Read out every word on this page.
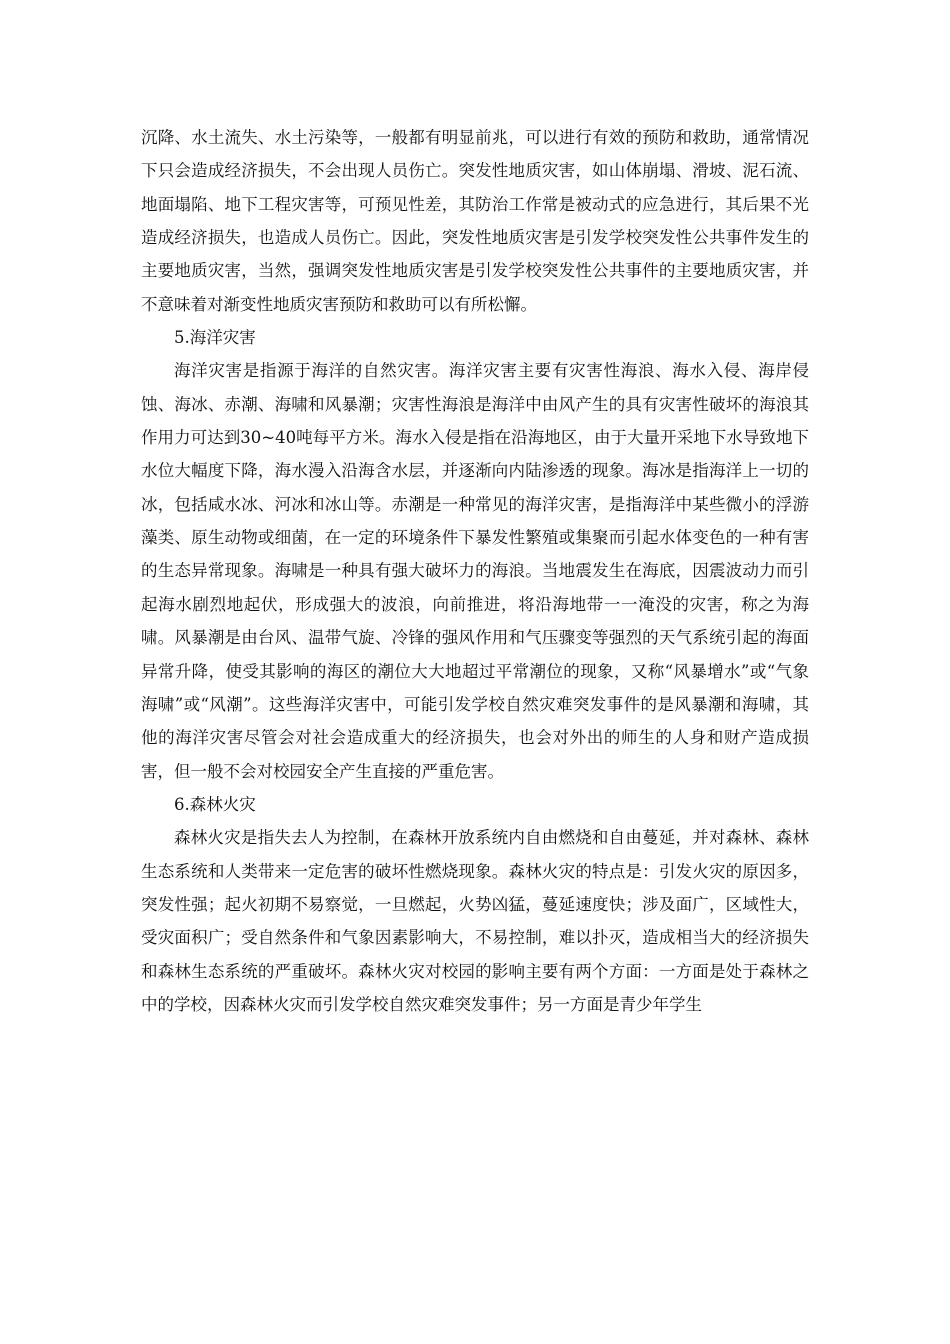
沉降、水土流失、水土污染等，一般都有明显前兆，可以进行有效的预防和救助，通常情况下只会造成经济损失，不会出现人员伤亡。突发性地质灾害，如山体崩塌、滑坡、泥石流、地面塌陷、地下工程灾害等，可预见性差，其防治工作常是被动式的应急进行，其后果不光造成经济损失，也造成人员伤亡。因此，突发性地质灾害是引发学校突发性公共事件发生的主要地质灾害，当然，强调突发性地质灾害是引发学校突发性公共事件的主要地质灾害，并不意味着对渐变性地质灾害预防和救助可以有所松懈。

5.海洋灾害

海洋灾害是指源于海洋的自然灾害。海洋灾害主要有灾害性海浪、海水入侵、海岸侵蚀、海冰、赤潮、海啸和风暴潮；灾害性海浪是海洋中由风产生的具有灾害性破坏的海浪其作用力可达到30~40吨每平方米。海水入侵是指在沿海地区，由于大量开采地下水导致地下水位大幅度下降，海水漫入沿海含水层，并逐渐向内陆渗透的现象。海冰是指海洋上一切的冰，包括咸水冰、河冰和冰山等。赤潮是一种常见的海洋灾害，是指海洋中某些微小的浮游藻类、原生动物或细菌，在一定的环境条件下暴发性繁殖或集聚而引起水体变色的一种有害的生态异常现象。海啸是一种具有强大破坏力的海浪。当地震发生在海底，因震波动力而引起海水剧烈地起伏，形成强大的波浪，向前推进，将沿海地带一一淹没的灾害，称之为海啸。风暴潮是由台风、温带气旋、冷锋的强风作用和气压骤变等强烈的天气系统引起的海面异常升降，使受其影响的海区的潮位大大地超过平常潮位的现象，又称“风暴增水”或“气象海啸”或“风潮”。这些海洋灾害中，可能引发学校自然灾难突发事件的是风暴潮和海啸，其他的海洋灾害尽管会对社会造成重大的经济损失，也会对外出的师生的人身和财产造成损害，但一般不会对校园安全产生直接的严重危害。

6.森林火灾

森林火灾是指失去人为控制，在森林开放系统内自由燃烧和自由蔓延，并对森林、森林生态系统和人类带来一定危害的破坏性燃烧现象。森林火灾的特点是：引发火灾的原因多，突发性强；起火初期不易察觉，一旦燃起，火势凶猛，蔓延速度快；涉及面广，区域性大，受灾面积广；受自然条件和气象因素影响大，不易控制，难以扑灭，造成相当大的经济损失和森林生态系统的严重破坏。森林火灾对校园的影响主要有两个方面：一方面是处于森林之中的学校，因森林火灾而引发学校自然灾难突发事件；另一方面是青少年学生
